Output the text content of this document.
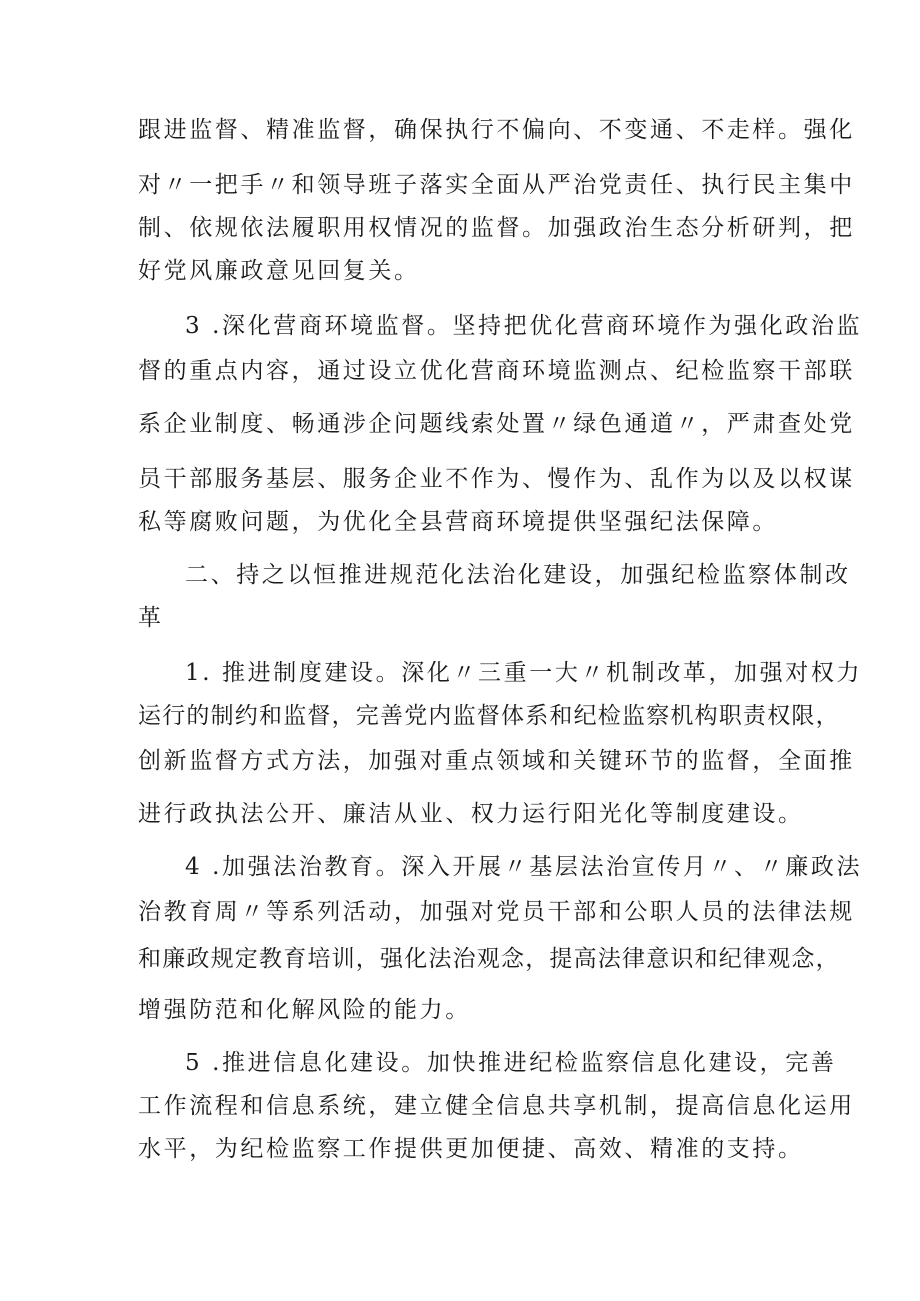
跟进监督、精准监督，确保执行不偏向、不变通、不走样。强化
对〃一把手〃和领导班子落实全面从严治党责任、执行民主集中
制、依规依法履职用权情况的监督。加强政治生态分析研判，把
好党风廉政意见回复关。
3 .深化营商环境监督。坚持把优化营商环境作为强化政治监
督的重点内容，通过设立优化营商环境监测点、纪检监察干部联
系企业制度、畅通涉企问题线索处置〃绿色通道〃，严肃查处党
员干部服务基层、服务企业不作为、慢作为、乱作为以及以权谋
私等腐败问题，为优化全县营商环境提供坚强纪法保障。
二、持之以恒推进规范化法治化建设，加强纪检监察体制改
革
1. 推进制度建设。深化〃三重一大〃机制改革，加强对权力
运行的制约和监督，完善党内监督体系和纪检监察机构职责权限，
创新监督方式方法，加强对重点领域和关键环节的监督，全面推
进行政执法公开、廉洁从业、权力运行阳光化等制度建设。
4 .加强法治教育。深入开展〃基层法治宣传月〃、〃廉政法
治教育周〃等系列活动，加强对党员干部和公职人员的法律法规
和廉政规定教育培训，强化法治观念，提高法律意识和纪律观念，
增强防范和化解风险的能力。
5 .推进信息化建设。加快推进纪检监察信息化建设，完善
工作流程和信息系统，建立健全信息共享机制，提高信息化运用
水平，为纪检监察工作提供更加便捷、高效、精准的支持。
